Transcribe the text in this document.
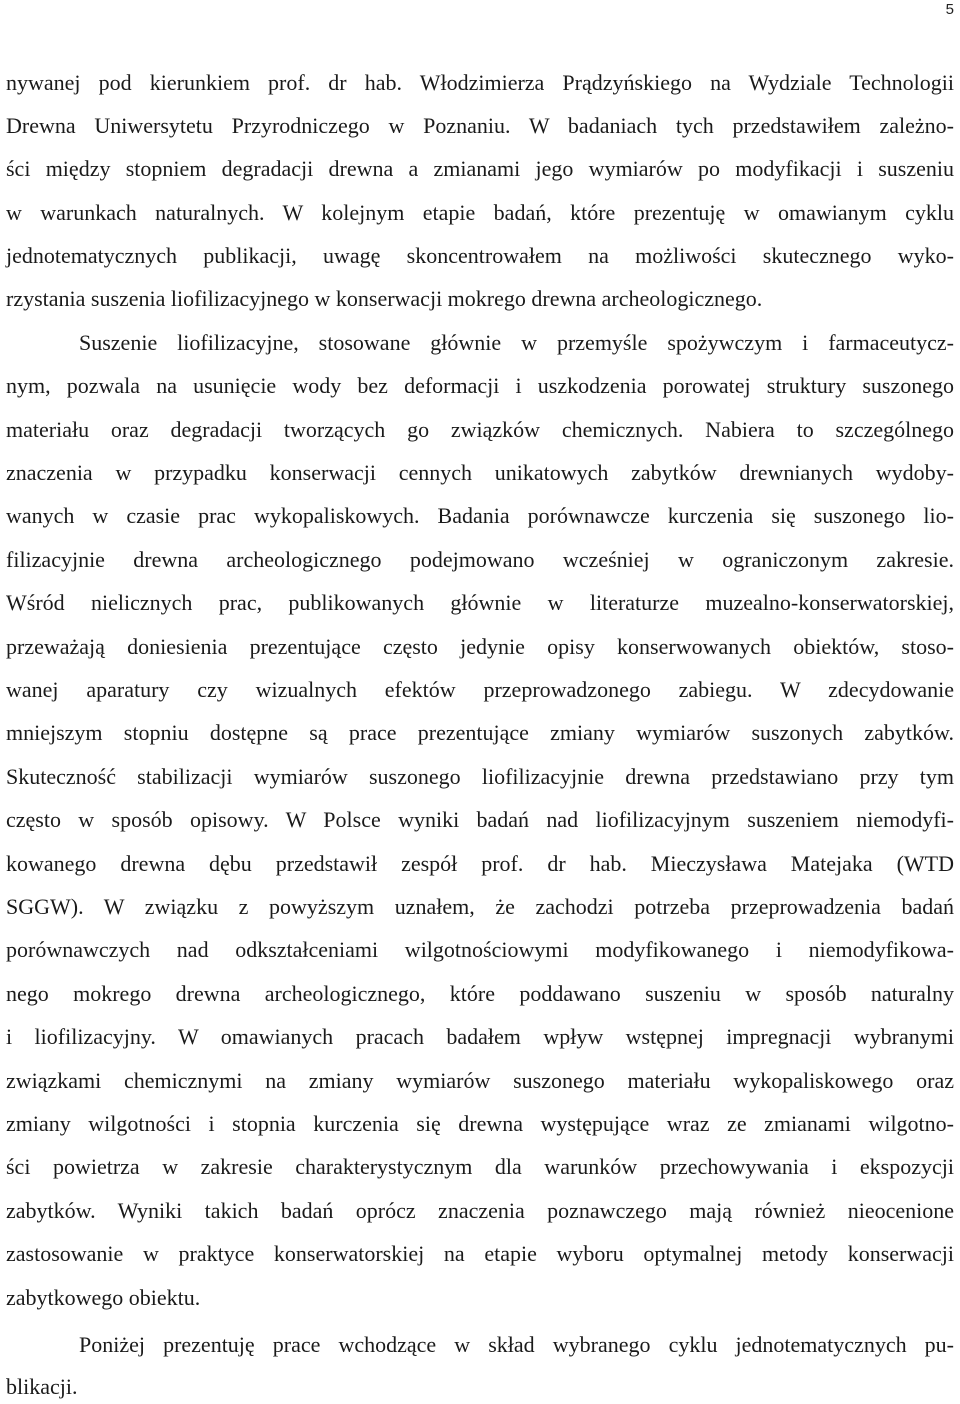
5
nywanej pod kierunkiem prof. dr hab. Włodzimierza Prądzyńskiego na Wydziale Technologii
Drewna Uniwersytetu Przyrodniczego w Poznaniu. W badaniach tych przedstawiłem zależno-
ści między stopniem degradacji drewna a zmianami jego wymiarów po modyfikacji i suszeniu
w warunkach naturalnych. W kolejnym etapie badań, które prezentuję w omawianym cyklu
jednotematycznych publikacji, uwagę skoncentrowałem na możliwości skutecznego wyko-
rzystania suszenia liofilizacyjnego w konserwacji mokrego drewna archeologicznego.
Suszenie liofilizacyjne, stosowane głównie w przemyśle spożywczym i farmaceutycz-
nym, pozwala na usunięcie wody bez deformacji i uszkodzenia porowatej struktury suszonego
materiału oraz degradacji tworzących go związków chemicznych. Nabiera to szczególnego
znaczenia w przypadku konserwacji cennych unikatowych zabytków drewnianych wydoby-
wanych w czasie prac wykopaliskowych. Badania porównawcze kurczenia się suszonego lio-
filizacyjnie drewna archeologicznego podejmowano wcześniej w ograniczonym zakresie.
Wśród nielicznych prac, publikowanych głównie w literaturze muzealno-konserwatorskiej,
przeważają doniesienia prezentujące często jedynie opisy konserwowanych obiektów, stoso-
wanej aparatury czy wizualnych efektów przeprowadzonego zabiegu. W zdecydowanie
mniejszym stopniu dostępne są prace prezentujące zmiany wymiarów suszonych zabytków.
Skuteczność stabilizacji wymiarów suszonego liofilizacyjnie drewna przedstawiano przy tym
często w sposób opisowy. W Polsce wyniki badań nad liofilizacyjnym suszeniem niemodyfi-
kowanego drewna dębu przedstawił zespół prof. dr hab. Mieczysława Matejaka (WTD
SGGW). W związku z powyższym uznałem, że zachodzi potrzeba przeprowadzenia badań
porównawczych nad odkształceniami wilgotnościowymi modyfikowanego i niemodyfikowa-
nego mokrego drewna archeologicznego, które poddawano suszeniu w sposób naturalny
i liofilizacyjny. W omawianych pracach badałem wpływ wstępnej impregnacji wybranymi
związkami chemicznymi na zmiany wymiarów suszonego materiału wykopaliskowego oraz
zmiany wilgotności i stopnia kurczenia się drewna występujące wraz ze zmianami wilgotno-
ści powietrza w zakresie charakterystycznym dla warunków przechowywania i ekspozycji
zabytków. Wyniki takich badań oprócz znaczenia poznawczego mają również nieocenione
zastosowanie w praktyce konserwatorskiej na etapie wyboru optymalnej metody konserwacji
zabytkowego obiektu.
Poniżej prezentuję prace wchodzące w skład wybranego cyklu jednotematycznych pu-
blikacji.
